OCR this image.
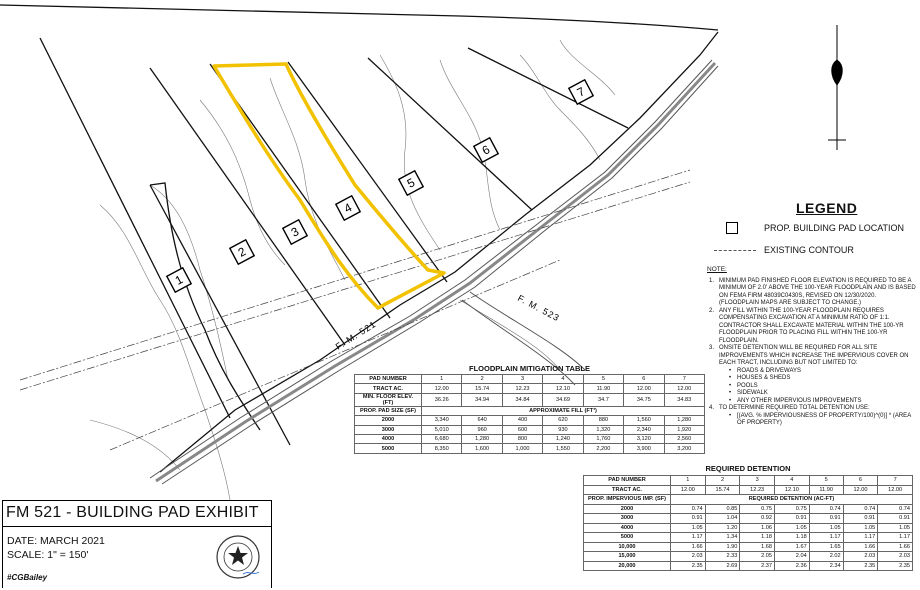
1
2
3
4
5
6
7
F. M. 523
F. M. 521
LEGEND
PROP. BUILDING PAD LOCATION
EXISTING CONTOUR
NOTE:

1. MINIMUM PAD FINISHED FLOOR ELEVATION IS REQUIRED TO BE A MINIMUM OF 2.0' ABOVE THE 100-YEAR FLOODPLAIN AND IS BASED ON FEMA FIRM 48039C0430S, REVISED ON 12/30/2020. (FLOODPLAIN MAPS ARE SUBJECT TO CHANGE.)

2. ANY FILL WITHIN THE 100-YEAR FLOODPLAIN REQUIRES COMPENSATING EXCAVATION AT A MINIMUM RATIO OF 1:1. CONTRACTOR SHALL EXCAVATE MATERIAL WITHIN THE 100-YR FLOODPLAIN PRIOR TO PLACING FILL WITHIN THE 100-YR FLOODPLAIN.

3. ONSITE DETENTION WILL BE REQUIRED FOR ALL SITE IMPROVEMENTS WHICH INCREASE THE IMPERVIOUS COVER ON EACH TRACT, INCLUDING BUT NOT LIMITED TO:

• ROADS & DRIVEWAYS

• HOUSES & SHEDS

• POOLS

• SIDEWALK

• ANY OTHER IMPERVIOUS IMPROVEMENTS

4. TO DETERMINE REQUIRED TOTAL DETENTION USE:

• [(AVG. % IMPERVIOUSNESS OF PROPERTY/100)^(0)] * (AREA OF PROPERTY)

FLOODPLAIN MITIGATION TABLE
PAD NUMBER	1	2	3	4	5	6	7
TRACT AC.	12.00	15.74	12.23	12.10	11.90	12.00	12.00
MIN. FLOOR ELEV. (FT)	36.26	34.94	34.84	34.69	34.7	34.75	34.83
PROP. PAD SIZE (SF)	APPROXIMATE FILL (FT³)						
2000	3,340	640	400	620	880	1,560	1,280
3000	5,010	960	600	930	1,320	2,340	1,920
4000	6,680	1,280	800	1,240	1,760	3,120	2,560
5000	8,350	1,600	1,000	1,550	2,200	3,900	3,200
REQUIRED DETENTION
PAD NUMBER	1	2	3	4	5	6	7
TRACT AC.	12.00	15.74	12.23	12.10	11.90	12.00	12.00
PROP. IMPERVIOUS IMP. (SF)	REQUIRED DETENTION (AC-FT)						
2000	0.74	0.85	0.75	0.75	0.74	0.74	0.74
3000	0.91	1.04	0.92	0.91	0.91	0.91	0.91
4000	1.05	1.20	1.06	1.05	1.05	1.05	1.05
5000	1.17	1.34	1.18	1.18	1.17	1.17	1.17
10,000	1.66	1.90	1.68	1.67	1.65	1.66	1.66
15,000	2.03	2.33	2.05	2.04	2.02	2.03	2.03
20,000	2.35	2.69	2.37	2.36	2.34	2.35	2.35
FM 521 - BUILDING PAD EXHIBIT
DATE: MARCH 2021
SCALE: 1" = 150'
#CGBailey
